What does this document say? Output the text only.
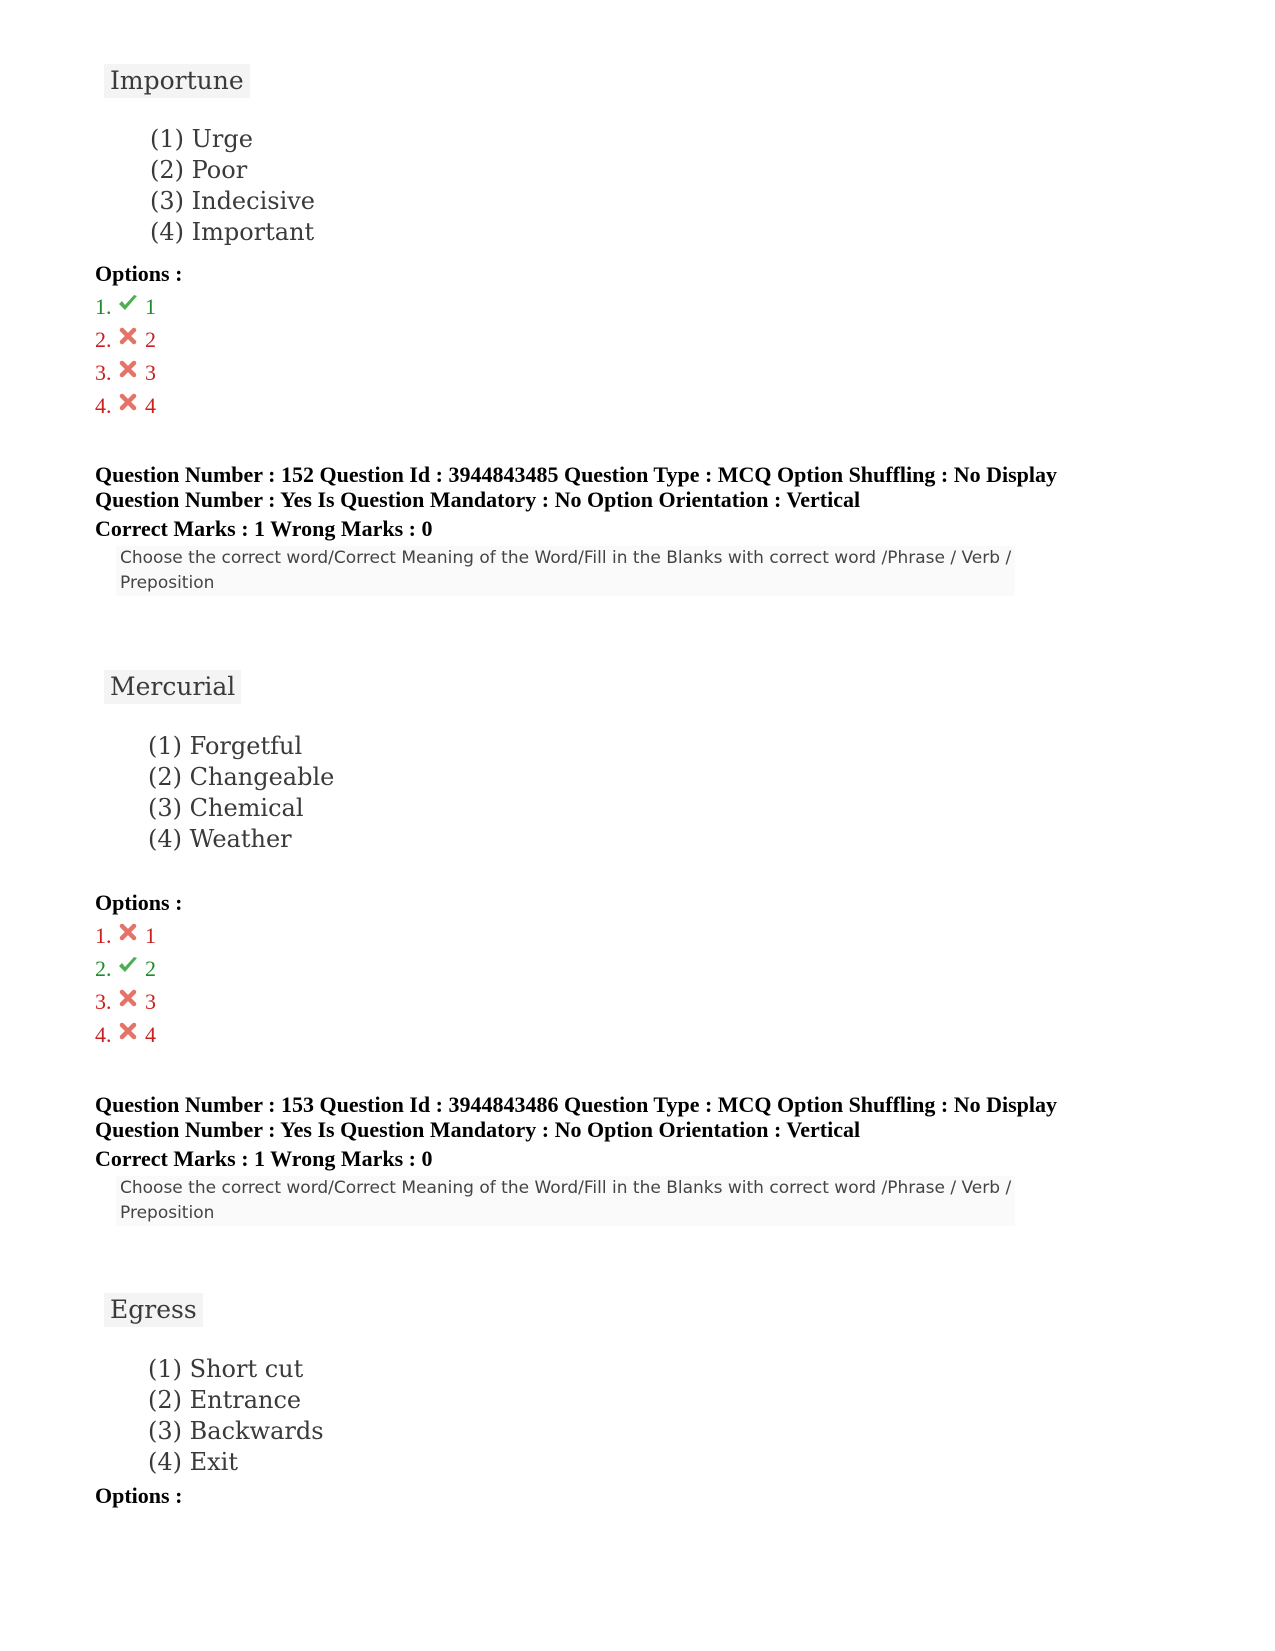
Importune
(1) Urge
(2) Poor
(3) Indecisive
(4) Important
Options :
1. 1
2. 2
3. 3
4. 4
Question Number : 152 Question Id : 3944843485 Question Type : MCQ Option Shuffling : No Display
Question Number : Yes Is Question Mandatory : No Option Orientation : Vertical
Correct Marks : 1 Wrong Marks : 0
Choose the correct word/Correct Meaning of the Word/Fill in the Blanks with correct word /Phrase / Verb /
Preposition
Mercurial
(1) Forgetful
(2) Changeable
(3) Chemical
(4) Weather
Options :
1. 1
2. 2
3. 3
4. 4
Question Number : 153 Question Id : 3944843486 Question Type : MCQ Option Shuffling : No Display
Question Number : Yes Is Question Mandatory : No Option Orientation : Vertical
Correct Marks : 1 Wrong Marks : 0
Choose the correct word/Correct Meaning of the Word/Fill in the Blanks with correct word /Phrase / Verb /
Preposition
Egress
(1) Short cut
(2) Entrance
(3) Backwards
(4) Exit
Options :
